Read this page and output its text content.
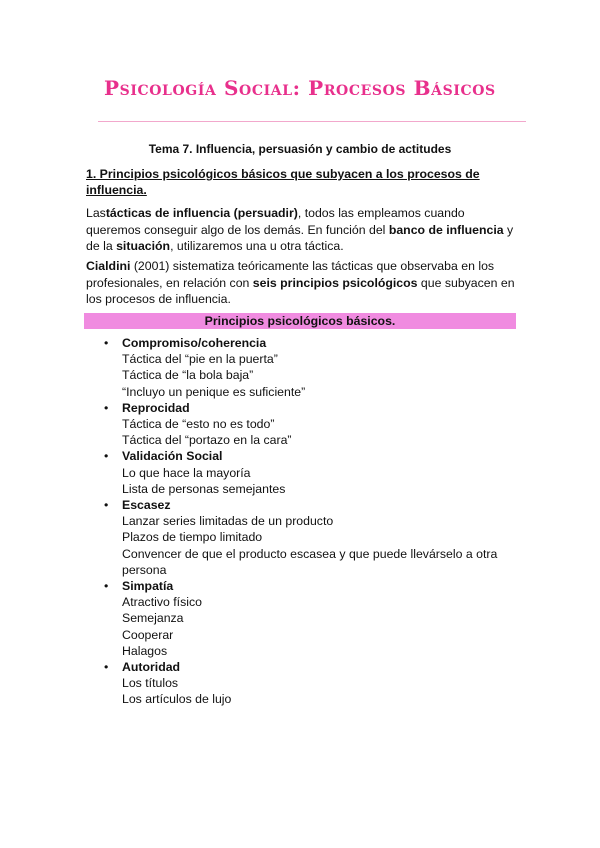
Psicología Social: Procesos Básicos
Tema 7. Influencia, persuasión y cambio de actitudes
1. Principios psicológicos básicos que subyacen a los procesos de influencia.
Lastácticas de influencia (persuadir), todos las empleamos cuando queremos conseguir algo de los demás. En función del banco de influencia y de la situación, utilizaremos una u otra táctica.
Cialdini (2001) sistematiza teóricamente las tácticas que observaba en los profesionales, en relación con seis principios psicológicos que subyacen en los procesos de influencia.
Principios psicológicos básicos.
• Compromiso/coherencia
Táctica del “pie en la puerta”
Táctica de “la bola baja”
“Incluyo un penique es suficiente”
• Reprocidad
Táctica de “esto no es todo”
Táctica del “portazo en la cara”
• Validación Social
Lo que hace la mayoría
Lista de personas semejantes
• Escasez
Lanzar series limitadas de un producto
Plazos de tiempo limitado
Convencer de que el producto escasea y que puede llevárselo a otra persona
• Simpatía
Atractivo físico
Semejanza
Cooperar
Halagos
• Autoridad
Los títulos
Los artículos de lujo
